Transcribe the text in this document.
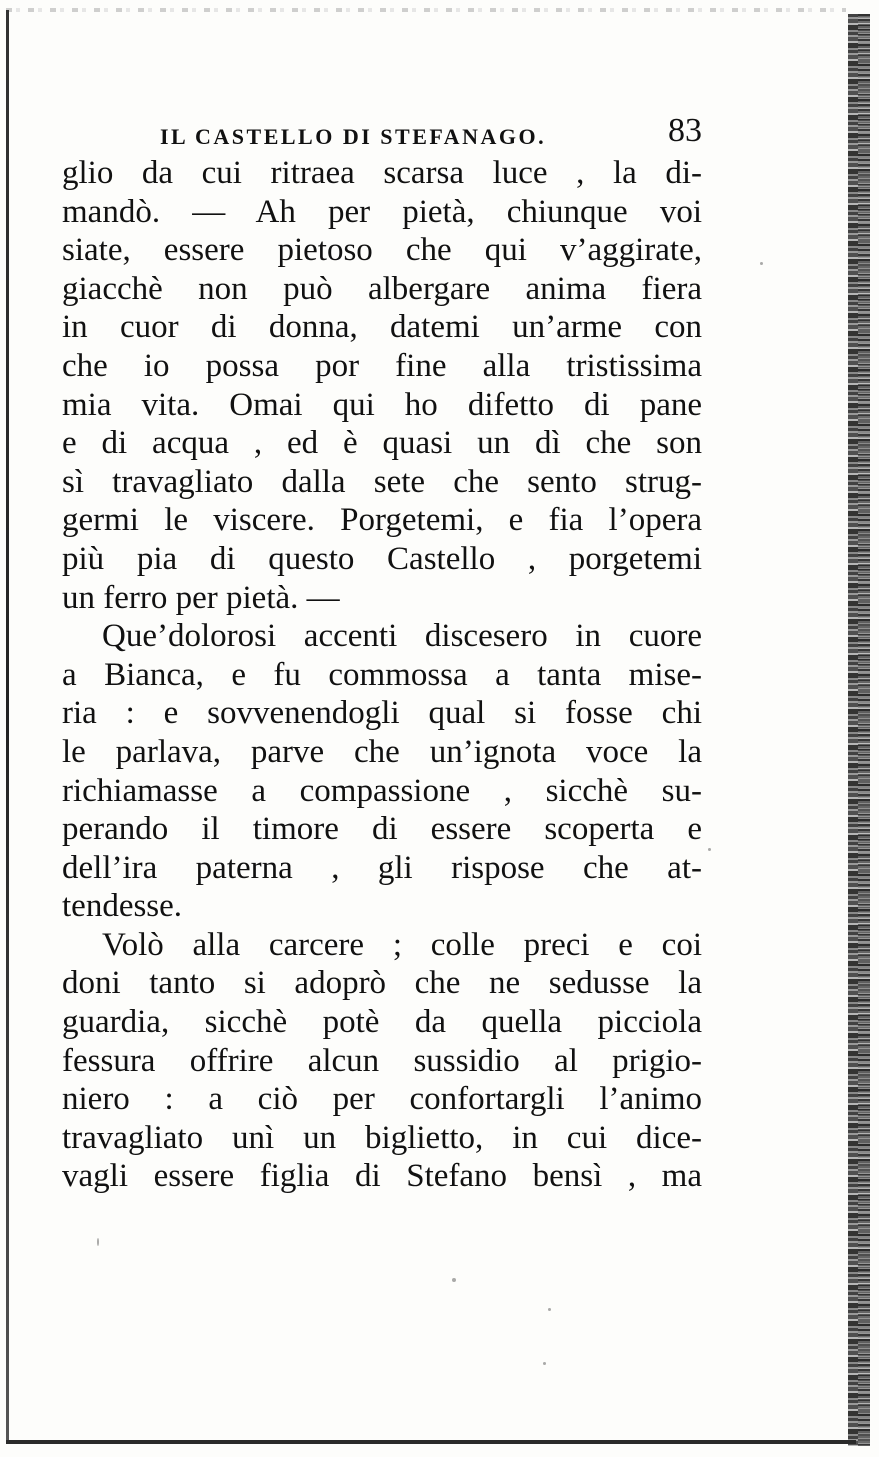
IL CASTELLO DI STEFANAGO.	83
glio da cui ritraea scarsa luce , la di-
mandò. — Ah per pietà, chiunque voi
siate, essere pietoso che qui v’aggirate,
giacchè non può albergare anima fiera
in cuor di donna, datemi un’arme con
che io possa por fine alla tristissima
mia vita. Omai qui ho difetto di pane
e di acqua , ed è quasi un dì che son
sì travagliato dalla sete che sento strug-
germi le viscere. Porgetemi, e fia l’opera
più pia di questo Castello , porgetemi
un ferro per pietà. —
Que’dolorosi accenti discesero in cuore
a Bianca, e fu commossa a tanta mise-
ria : e sovvenendogli qual si fosse chi
le parlava, parve che un’ignota voce la
richiamasse a compassione , sicchè su-
perando il timore di essere scoperta e
dell’ira paterna , gli rispose che at-
tendesse.
Volò alla carcere ; colle preci e coi
doni tanto si adoprò che ne sedusse la
guardia, sicchè potè da quella picciola
fessura offrire alcun sussidio al prigio-
niero : a ciò per confortargli l’animo
travagliato unì un biglietto, in cui dice-
vagli essere figlia di Stefano bensì , ma
